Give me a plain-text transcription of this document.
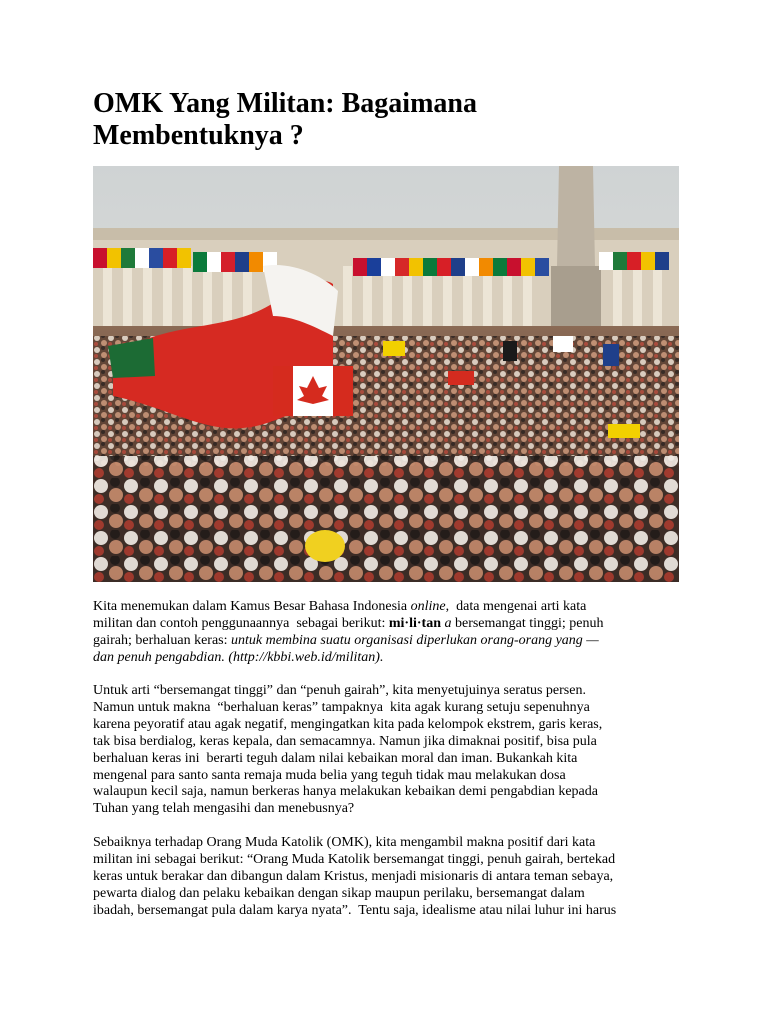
OMK Yang Militan: Bagaimana
Membentuknya ?

Kita menemukan dalam Kamus Besar Bahasa Indonesia online,  data mengenai arti kata
militan dan contoh penggunaannya  sebagai berikut: mi·li·tan a bersemangat tinggi; penuh
gairah; berhaluan keras: untuk membina suatu organisasi diperlukan orang-orang yang —
dan penuh pengabdian. (http://kbbi.web.id/militan).

Untuk arti “bersemangat tinggi” dan “penuh gairah”, kita menyetujuinya seratus persen.
Namun untuk makna  “berhaluan keras” tampaknya  kita agak kurang setuju sepenuhnya
karena peyoratif atau agak negatif, mengingatkan kita pada kelompok ekstrem, garis keras,
tak bisa berdialog, keras kepala, dan semacamnya. Namun jika dimaknai positif, bisa pula
berhaluan keras ini  berarti teguh dalam nilai kebaikan moral dan iman. Bukankah kita
mengenal para santo santa remaja muda belia yang teguh tidak mau melakukan dosa
walaupun kecil saja, namun berkeras hanya melakukan kebaikan demi pengabdian kepada
Tuhan yang telah mengasihi dan menebusnya?

Sebaiknya terhadap Orang Muda Katolik (OMK), kita mengambil makna positif dari kata
militan ini sebagai berikut: “Orang Muda Katolik bersemangat tinggi, penuh gairah, bertekad
keras untuk berakar dan dibangun dalam Kristus, menjadi misionaris di antara teman sebaya,
pewarta dialog dan pelaku kebaikan dengan sikap maupun perilaku, bersemangat dalam
ibadah, bersemangat pula dalam karya nyata”.  Tentu saja, idealisme atau nilai luhur ini harus
